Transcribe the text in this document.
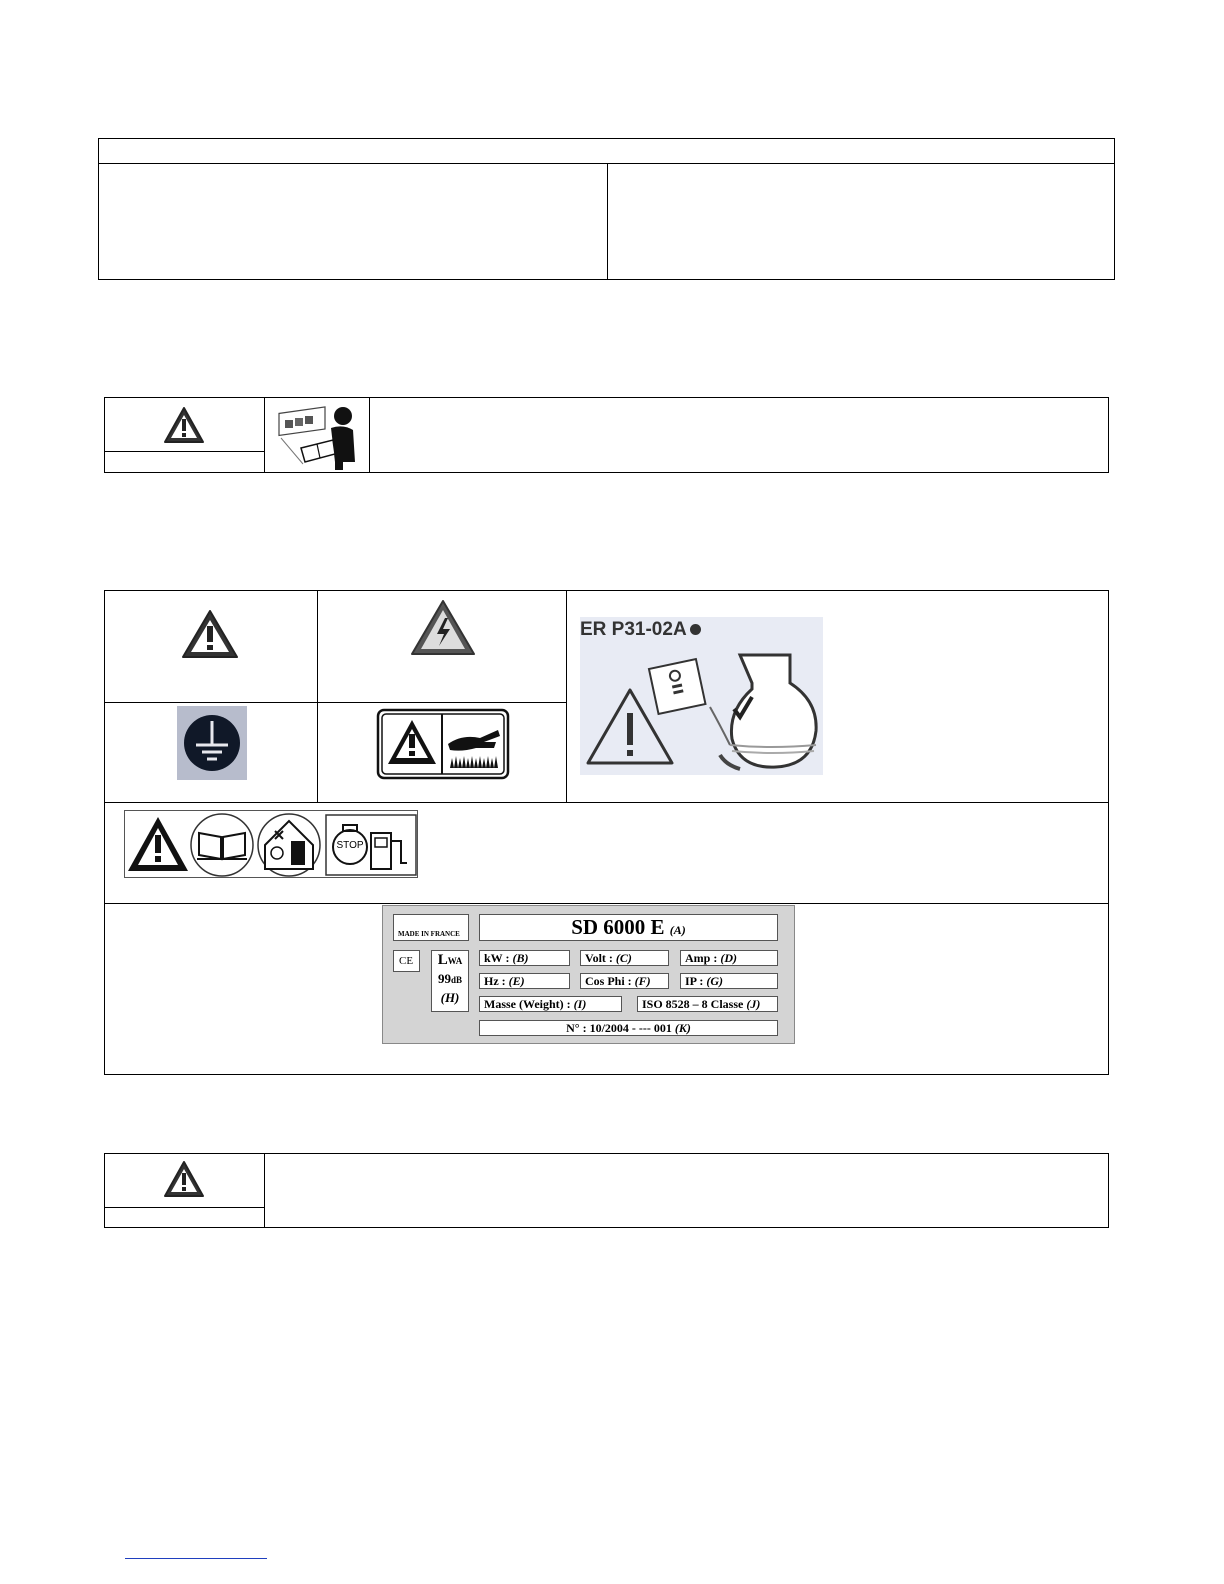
ER P31-02A
STOP
MADE IN FRANCE
CE	LWA
99dB
(H)
SD 6000 E (A)
kW : (B)	Volt : (C)	Amp : (D)
Hz : (E)	Cos Phi : (F)	IP : (G)
Masse (Weight) : (I)	ISO 8528 – 8 Classe (J)
N° : 10/2004 - --- 001 (K)
